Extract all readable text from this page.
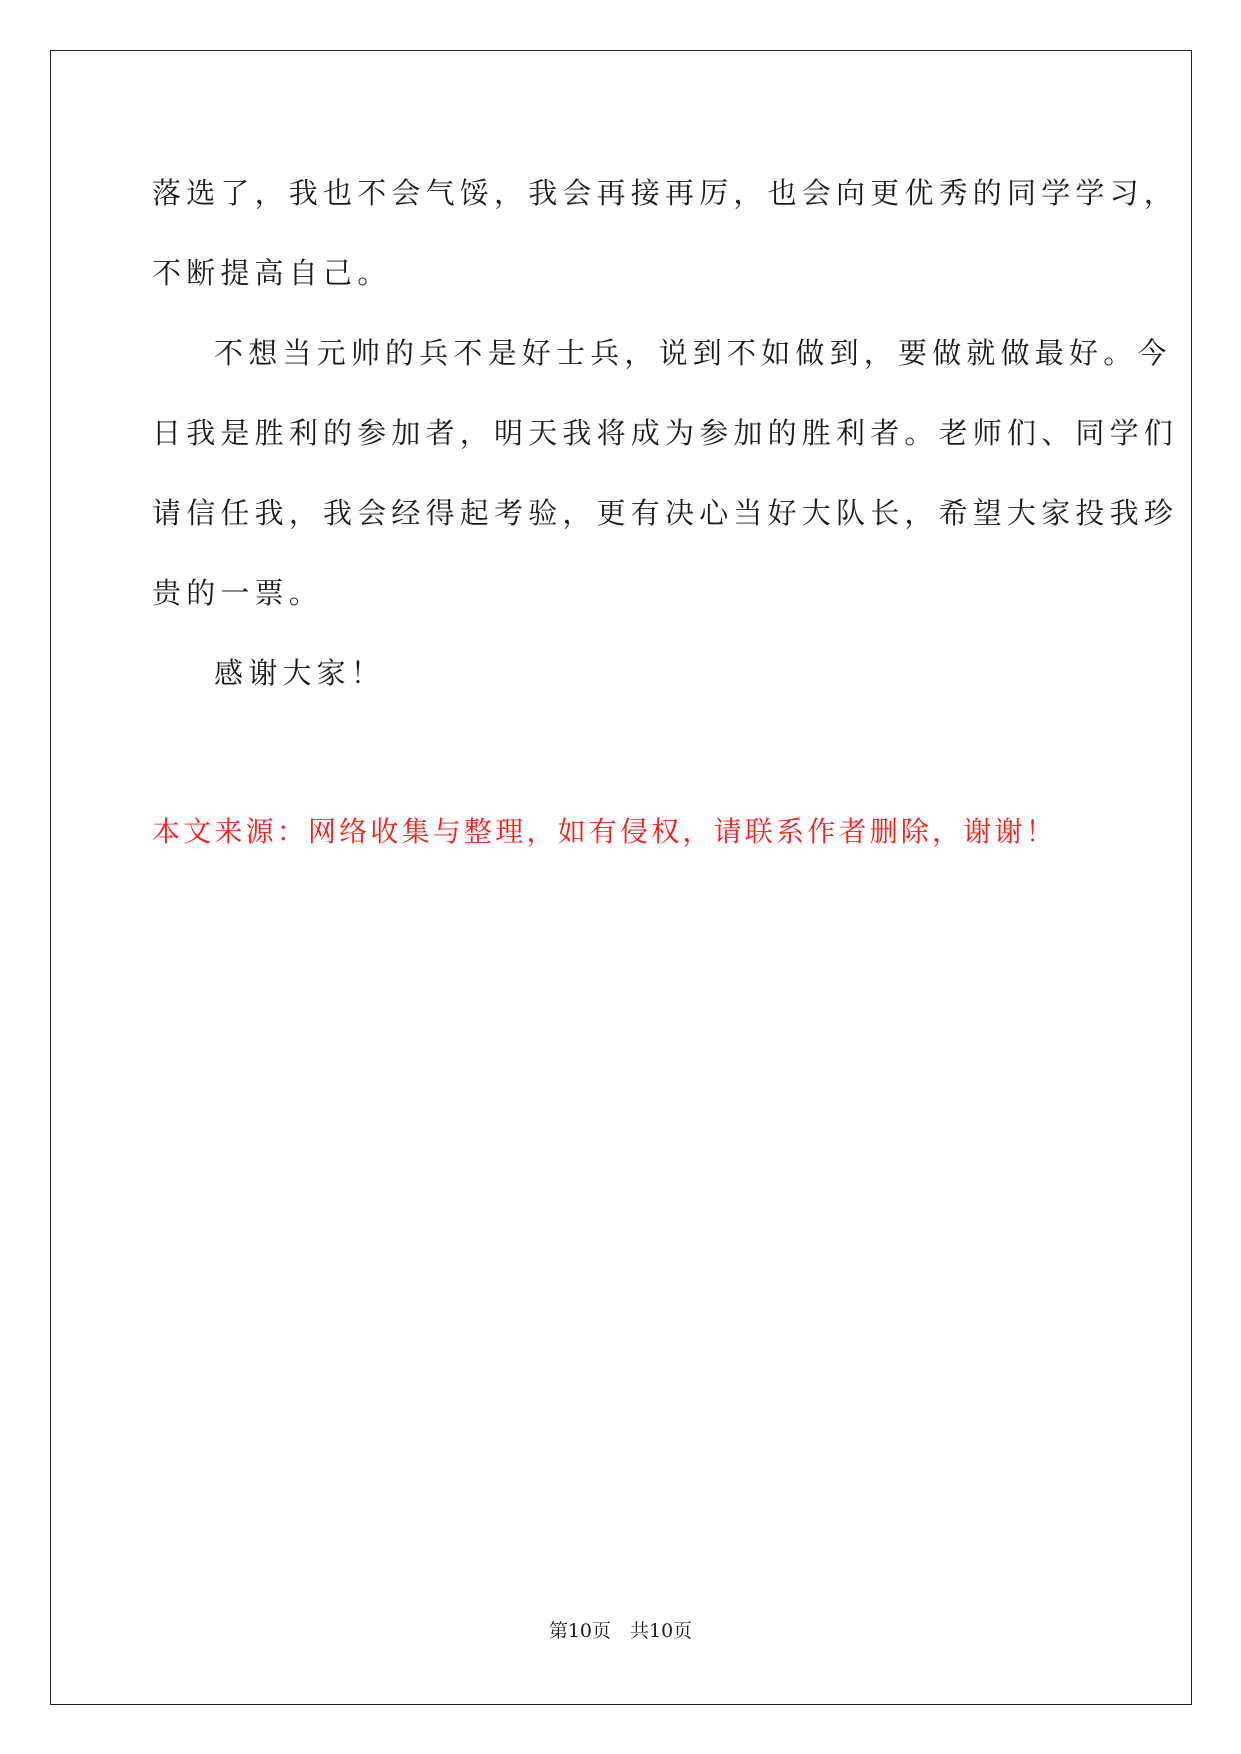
落选了，我也不会气馁，我会再接再厉，也会向更优秀的同学学习，
不断提高自己。
不想当元帅的兵不是好士兵，说到不如做到，要做就做最好。今
日我是胜利的参加者，明天我将成为参加的胜利者。老师们、同学们
请信任我，我会经得起考验，更有决心当好大队长，希望大家投我珍
贵的一票。
感谢大家！

本文来源：网络收集与整理，如有侵权，请联系作者删除，谢谢！

第10页　共10页
